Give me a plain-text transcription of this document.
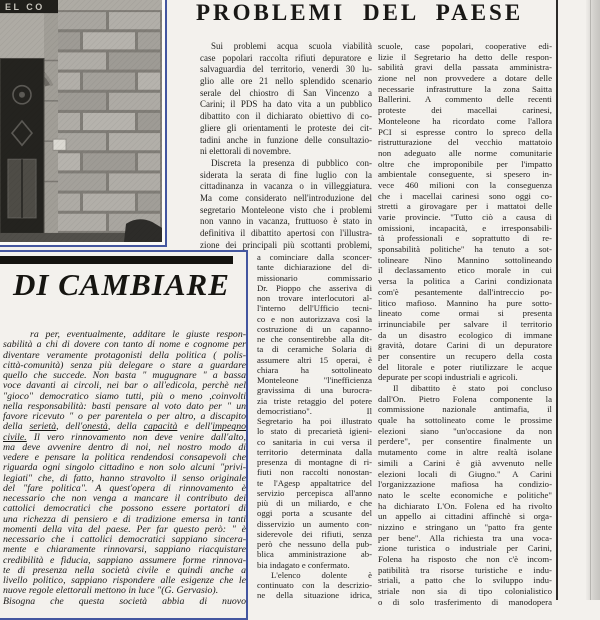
PROBLEMI DEL PAESE
Sui problemi acqua scuola viabilità
case popolari raccolta rifiuti depuratore e
salvaguardia del territorio, venerdi 30 lu-
glio alle ore 21 nello splendido scenario
serale del chiostro di San Vincenzo a
Carini; il PDS ha dato vita a un pubblico
dibattito con il dichiarato obiettivo di co-
gliere gli orientamenti le proteste dei cit-
tadini anche in funzione delle consultazio-
ni elettorali di novembre.
Discreta la presenza di pubblico con-
siderata la serata di fine luglio con la
cittadinanza in vacanza o in villeggiatura.
Ma come considerato nell'introduzione del
segretario Monteleone visto che i problemi
non vanno in vacanza, fruttuoso è stato in
definitiva il dibattito apertosi con l'illustra-
zione dei principali più scottanti problemi,
a cominciare dalla sconcer-
tante dichiarazione del di-
missionario commissario
Dr. Pioppo che asseriva di
non trovare interlocutori al-
l'interno dell'Ufficio tecni-
co e non autorizzava così la
costruzione di un capanno-
ne che consentirebbe alla dit-
ta di ceramiche Solaria di
assumere altri 15 operai, è
chiara ha sottolineato
Monteleone "l'inefficienza
gravissima di una burocra-
zia triste retaggio del potere
democristiano". Il
Segretario ha poi illustrato
lo stato di precarietà igieni-
co sanitaria in cui versa il
territorio determinata dalla
presenza di montagne di ri-
fiuti non raccolti nonostan-
te l'Agesp appaltatrice del
servizio percepisca all'anno
più di un miliardo, e che
oggi porta a scusante del
disservizio un aumento con-
siderevole dei rifiuti, senza
però che nessuno della pub-
blica amministrazione ab-
bia indagato e confermato.
L'elenco dolente è
continuato con la descrizio-
ne della situazione idrica,
scuole, case popolari, cooperative edi-
lizie il Segretario ha detto delle respon-
sabilità gravi della passata amministra-
zione nel non provvedere a dotare delle
necessarie infrastrutture la zona Saitta
Ballerini. A commento delle recenti
proteste dei macellai carinesi,
Monteleone ha ricordato come l'allora
PCI si espresse contro lo spreco della
ristrutturazione del vecchio mattatoio
non adeguato alle norme comunitarie
oltre che improponibile per l'impatto
ambientale conseguente, si spesero in-
vece 460 milioni con la conseguenza
che i macellai carinesi sono oggi co-
stretti a girovagare per i mattatoi delle
varie provincie. "Tutto ciò a causa di
omissioni, incapacità, e irresponsabili-
tà professionali e soprattutto di re-
sponsabilità politiche" ha tenuto a sot-
tolineare Nino Mannino sottolineando
il declassamento etico morale in cui
versa la politica a Carini condizionata
com'è pesantemente dall'intreccio po-
litico mafioso. Mannino ha pure sotto-
lineato come ormai si presenta
irrinunciabile per salvare il territorio
da un disastro ecologico di immane
gravità, dotare Carini di un depuratore
per consentire un recupero della costa
del litorale e poter riutilizzare le acque
depurate per scopi industriali e agricoli.
Il dibattito è stato poi concluso
dall'On. Pietro Folena componente la
commissione nazionale antimafia, il
quale ha sottolineato come le prossime
elezioni siano "un'occasione da non
perdere", per consentire finalmente un
mutamento come in altre realtà isolane
simili a Carini è già avvenuto nelle
elezioni locali di Giugno." A Carini
l'organizzazione mafiosa ha condizio-
nato le scelte economiche e politiche"
ha dichiarato L'On. Folena ed ha rivolto
un appello ai cittadini affinchè si orga-
nizzino e stringano un "patto fra gente
per bene". Alla richiesta tra una voca-
zione turistica o industriale per Carini,
Folena ha risposto che non c'è incom-
patibilità tra risorse turistiche e indu-
striali, a patto che lo sviluppo indu-
striale non sia di tipo colonialistico
o di solo trasferimento di manodopera
DI CAMBIARE
ra per, eventualmente, additare le giuste respon-
sabilità a chi di dovere con tanto di nome e cognome per
diventare veramente protagonisti della politica ( polis-
città-comunità) senza più delegare o stare a guardare
quello che succede. Non basta " mugugnare " a bassa
voce davanti ai circoli, nei bar o all'edicola, perchè nel
"gioco" democratico siamo tutti, più o meno ,coinvolti
nella responsabilità: basti pensare al voto dato per " un
favore ricevuto " o per parentela o per altro, a discapito
della serietà, dell'onestà, della capacità e dell'impegno
civile. Il vero rinnovamento non deve venire dall'alto,
ma deve avvenire dentro di noi, nel nostro modo di
vedere e pensare la politica rendendosi consapevoli che
riguarda ogni singolo cittadino e non solo alcuni "privi-
legiati" che, di fatto, hanno stravolto il senso originale
del "fare politica". A quest'opera di rinnovamento è
necessario che non venga a mancare il contributo dei
cattolici democratici che possono essere portatori di
una richezza di pensiero e di tradizione emersa in tanti
momenti della vita del paese. Per far questo però: " è
necessario che i cattolici democratici sappiano sincera-
mente e chiaramente rinnovarsi, sappiano riacquistare
credibilità e fiducia, sappiano assumere forme rinnova-
te di presenza nella società civile e quindi anche a
livello politico, sappiano rispondere alle esigenze che le
nuove regole elettorali mettono in luce "(G. Gervasio).
Bisogna che questa società abbia di nuovo
